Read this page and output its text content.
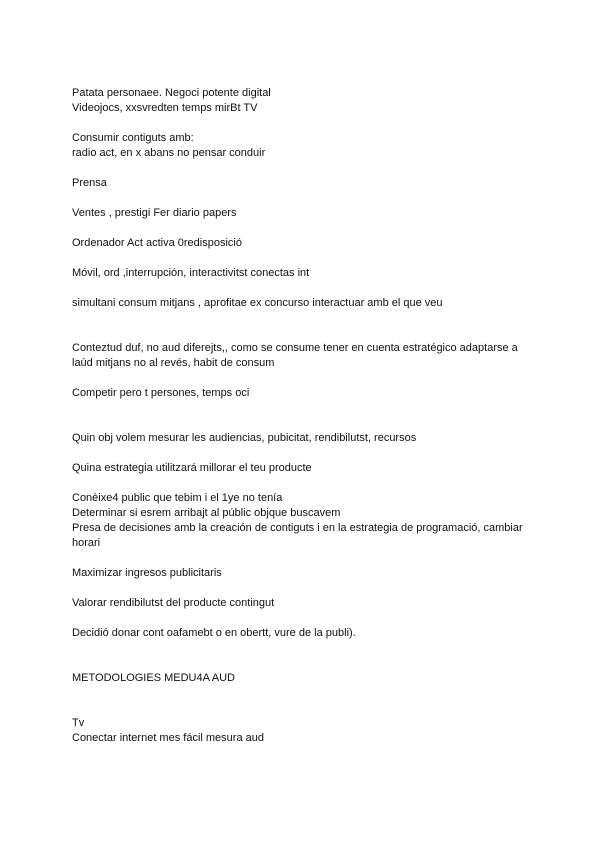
Patata personaee. Negoci potente digital
Videojocs, xxsvredten temps mirBt TV

Consumir contiguts amb:
radio act, en x abans no pensar conduir

Prensa

Ventes , prestigi Fer diario papers

Ordenador Act activa 0redisposició

Móvil, ord ,interrupción, interactivitst conectas int

simultani consum mitjans , aprofitae ex concurso interactuar amb el que veu

Conteztud duf, no aud diferejts,, como se consume tener en cuenta estratégico adaptarse a
laúd mitjans no al revés, habit de consum

Competir pero t persones, temps oci

Quin obj volem mesurar les audiencias, pubicitat, rendibilutst, recursos

Quina estrategia utilitzará millorar el teu producte

Conèixe4 public que tebim i el 1ye no tenía
Determinar si esrem arribajt al públic objque buscavem
Presa de decisiones amb la creación de contiguts i en la estrategia de programació, cambiar
horari

Maximizar ingresos publicitaris

Valorar rendibilutst del producte contingut

Decidió donar cont oafamebt o en obertt, vure de la publi).

METODOLOGIES MEDU4A AUD

Tv
Conectar internet mes fácil mesura aud
